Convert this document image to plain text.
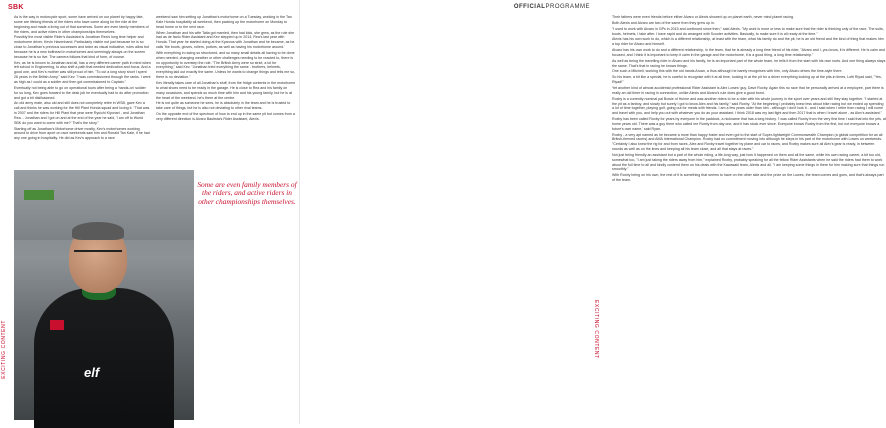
SBK

As is the way in motorcycle sport, some have arrived on our planet by happy fate, some are lifelong friends of the riders who have come along for the ride at the beginning and made a living out of that somehow. Some are even family members of the riders, and active riders in other championships themselves.

Possibly the most visible Rider's Assistant is Jonathan Rea's long time helper and motorhome driver, Kevin Havenhand. Particularly visible not just because he is so close to Jonathan's previous successes and twice as visual indicative, rules allow but because he is a new bolthead in motorhomes and seemingly always on the screen because he is so live. The camera follows that kind of form, of course.

Kev, as he is known to Jonathan and all, has a very different career path in mind when left school in Engineering, to also shift a path that needed dedication and focus. And a good one, and Kev's mother was still proud of him. "To cut a long story short I spent 26 years in the British Army," said Kev. "I was commissioned through the ranks. I went as high as I could as a soldier and then got commissioned to Captain."

Eventually not being able to go on operational tours after being a 'hands-on' soldier for so long, Kev goes forward to the desk job he eventually had to do after promotion and got a bit disillusioned.

An old army mate, also old and still does not completely retire in WSB, gave Kev a call and thinks he was working for the Hill Plant Honda squad and loving it. "That was in 2007 and the riders for Hill Plant that year were Ryuichi Kiyonari - and Jonathan Rea. - Jonathan and I got on and at the end of the year he said, 'I am off to World SBK do you want to come with me?' That's the story."

Starting off as Jonathan's Motorhome driver mostly, Kev's motorhomes working around to drive from aport on race weekends saw him and Ronald Tan Kale, if he had any one going in hospitality. He did as Kev's approach to a race

weekend saw him setting up Jonathan's motorhome on a Tuesday, working in the Tan Kale Honda hospitality all weekend, then packing up the motorhome on Monday to head home or to the next race.

When Jonathan and his wife Tatia got married, then had kids, she grew, as the role she had as de facto Rider Assistant and Kev stepped up in 2014, Rea's last year with Honda. That year he started doing at the Kyarous with Jonathan and he became, as he calls 'the boots, gloves, rollers, pottors, as well as having his motorhome around.'

With everything in racing so structured, and so many small details all having to be done when needed, changing weather or other challenges needing to be reacted to, there is no opportunity to overstep the role. "The British Army were so strict, a lot for everything," said Kev. "Jonathan tried everything the same - brothers, helmets, everything laid out exactly the same. Unless he wants to change things and tells me so, there is no deviation."

Kev literally takes care of all Jonathan's stuff, from the fridge contents in the motorhome to what shoes need to be ready in the garage. He is close to Rea and his family on many occasions, and spends so much time with him and his young family, but he is at the heart of the weekend, he's there at the centre.

He is not quite as someone he sees, he is absolutely in the team and he is trusted to take care of things, but he is also not deviating to other rival teams.

On the opposite end of the spectrum of how to end up in the same pit but comes from a very different direction is Alvaro Bautista's Rider Assistant, Alexis.

elf
Some are even family members of the riders, and active riders in other championships themselves.
EXCITING CONTENT
OFFICIALPROGRAMME

Their fathers were even friends before either Alvaro or Alexis showed up on planet earth, never mind planet racing.

Both Alexis and Alvaro are two of the same from they grew up in.

"I used to work with Alvaro in GPs in 2015 and continued since then," said Alexis. "My work is more or less to make sure that the rider is thinking only of the race. The suits, boots, helmets, I take after. I have rapid and do arranged with Scooter activities. Basically, to make sure it is all ready at the time."

Alexis has his own work to do, which is a different relationship, at least with the team, what his family do and the pit, he is an old friend and the kind of thing that makes him a top rider for Alvaro and himself.

Alvaro has his own work to do and a different relationship, in the team, that he is already a long time friend of his rider, "Alvaro and I, you know, it is different. He is calm and focused, and I think it is important to keep it calm in the garage and the motorhome, it is a good thing, a long time relationship."

As well as being the travelling rider in Alvaro and his family, he is an important part of the whole team, he tells it from the start with his own roots. And one thing always stays the same. That's that in racing he knows things.

One such a Mitchell, working this with the old hands Aruan, a thus although he barely recognises with him, only Alvaro drives the time-style there.

So his team, a bit like a special, he is careful to recognise with it at all time, looking in at the pit for a driver everything looking up at the pits-in times, Lotti Riyad said, "Yes, Riyad!"

Yet another kind of almost accidental professional Rider Assistant is Alex Lowes' guy, Dave Roxby. Again this no race that he personally arrived at a employee, part there is really an old timer in racing in connection, unlike Alexis and Alvaro's rule does give a good bond.

Roxby is a currently nominal pal Bowie of Hulme and was another riders to be a rider with his whole journey in the sport over years and still they stay together. "I started at the pit as a fanboy, and slowly but surely I got to know Alex and his family," said Roxby. "At the beginning I probably knew less about bike racing but we ended up spending a lot of time together, playing golf, going out for meals with friends. I am a few years older than him - although I don't look it - and I said when I retire from racing I will come and travel with you, and help you out with whatever you do as your assistant. I think 2018 was my last fight and then 2017 that is when I travel alone - as Alex's assistant."

Roxby has been called Roxby for years by everyone in the paddock, a nickname that has a long history. 'I was called Roxby from the very first time I said that into the pits, at home years old. There was a guy there who called me Roxby from day one, and it has stuck ever since. Everyone knows Roxby from the first, but not everyone knows a future's own name,' said Ryan.

Roxby - a very apt named as he became a more than happy foster and even got to the start of Super-lightweight Commonwealth Champion (a global competition for an all British-themed racers) and AMA International Champion. Roxby had no commitment moving into although he steps in his part of the motorhome with Lowes on weekends. "Certainly I also knew the rig for and from races, Alex and Roxby travel together by plane and car to races, and Roxby makes sure all Alex's gear is ready, in between rounds as well as on the lines and keeping all his team close, and all that stays at races."

Not just being friendly an assistant but a part of the whole riding, a life-long way, just how it happened on them and all the same, while his own racing career, a bit too old, somewhat too, "I am just taking the riders away from him," explained Roxby, probably speaking for all the fellow Rider Assistants when he said the riders had them to work about the full time to all and kindly contend them on his deals with the Kawasaki team, Alexis and all. "I am keeping some things in there for him making sure that things run smoothly."

With Roxby being on his own, the rest of it is something that seems to have on the other side and the prize on the Lowes, the team comes and goes, and that's always part of the team.

EXCITING CONTENT
